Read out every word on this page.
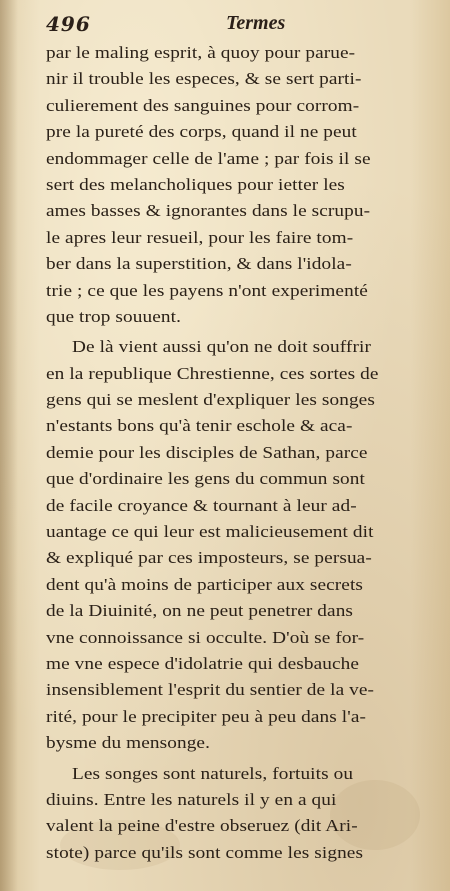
496	Termes
par le maling esprit, à quoy pour parue-
nir il trouble les especes, & se sert parti-
culierement des sanguines pour corrom-
pre la pureté des corps, quand il ne peut
endommager celle de l'ame ; par fois il se
sert des melancholiques pour ietter les
ames basses & ignorantes dans le scrupu-
le apres leur resueil, pour les faire tom-
ber dans la superstition, & dans l'idola-
trie ; ce que les payens n'ont experimenté
que trop souuent.
De là vient aussi qu'on ne doit souffrir
en la republique Chrestienne, ces sortes de
gens qui se meslent d'expliquer les songes
n'estants bons qu'à tenir eschole & aca-
demie pour les disciples de Sathan, parce
que d'ordinaire les gens du commun sont
de facile croyance & tournant à leur ad-
uantage ce qui leur est malicieusement dit
& expliqué par ces imposteurs, se persua-
dent qu'à moins de participer aux secrets
de la Diuinité, on ne peut penetrer dans
vne connoissance si occulte. D'où se for-
me vne espece d'idolatrie qui desbauche
insensiblement l'esprit du sentier de la ve-
rité, pour le precipiter peu à peu dans l'a-
bysme du mensonge.
Les songes sont naturels, fortuits ou
diuins. Entre les naturels il y en a qui
valent la peine d'estre obseruez (dit Ari-
stote) parce qu'ils sont comme les signes
